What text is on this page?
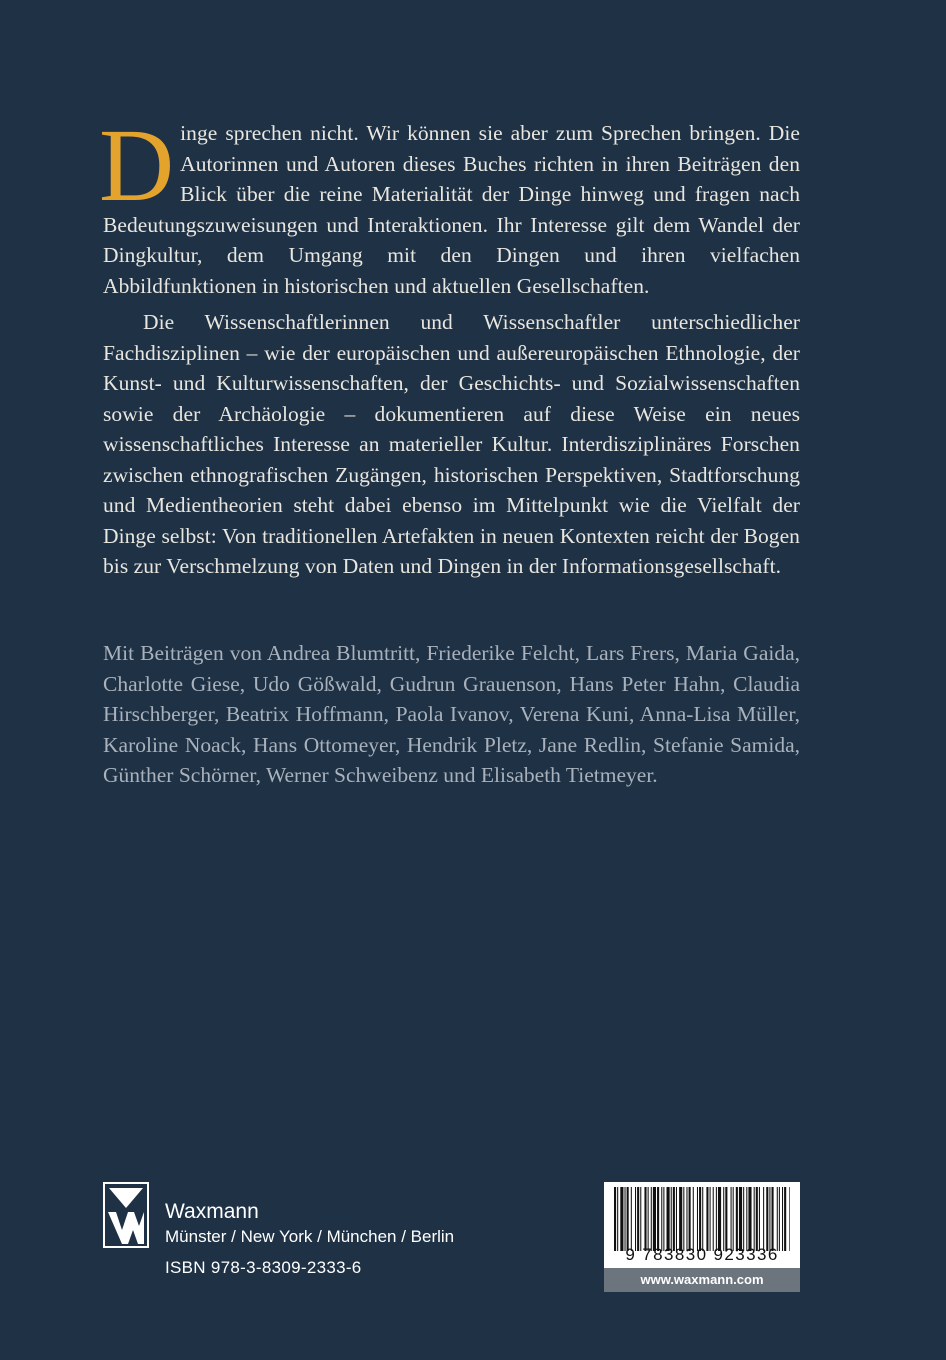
Dinge sprechen nicht. Wir können sie aber zum Sprechen bringen. Die Autorinnen und Autoren dieses Buches richten in ihren Beiträgen den Blick über die reine Materialität der Dinge hinweg und fragen nach Bedeutungszuweisungen und Interaktionen. Ihr Interesse gilt dem Wandel der Dingkultur, dem Umgang mit den Dingen und ihren vielfachen Abbildfunktionen in historischen und aktuellen Gesellschaften.

Die Wissenschaftlerinnen und Wissenschaftler unterschiedlicher Fachdisziplinen – wie der europäischen und außereuropäischen Ethnologie, der Kunst- und Kulturwissenschaften, der Geschichts- und Sozialwissenschaften sowie der Archäologie – dokumentieren auf diese Weise ein neues wissenschaftliches Interesse an materieller Kultur. Interdisziplinäres Forschen zwischen ethnografischen Zugängen, historischen Perspektiven, Stadtforschung und Medientheorien steht dabei ebenso im Mittelpunkt wie die Vielfalt der Dinge selbst: Von traditionellen Artefakten in neuen Kontexten reicht der Bogen bis zur Verschmelzung von Daten und Dingen in der Informationsgesellschaft.

Mit Beiträgen von Andrea Blumtritt, Friederike Felcht, Lars Frers, Maria Gaida, Charlotte Giese, Udo Gößwald, Gudrun Grauenson, Hans Peter Hahn, Claudia Hirschberger, Beatrix Hoffmann, Paola Ivanov, Verena Kuni, Anna-Lisa Müller, Karoline Noack, Hans Ottomeyer, Hendrik Pletz, Jane Redlin, Stefanie Samida, Günther Schörner, Werner Schweibenz und Elisabeth Tietmeyer.

Waxmann
Münster / New York / München / Berlin
ISBN 978-3-8309-2333-6
9 783830 923336
www.waxmann.com
